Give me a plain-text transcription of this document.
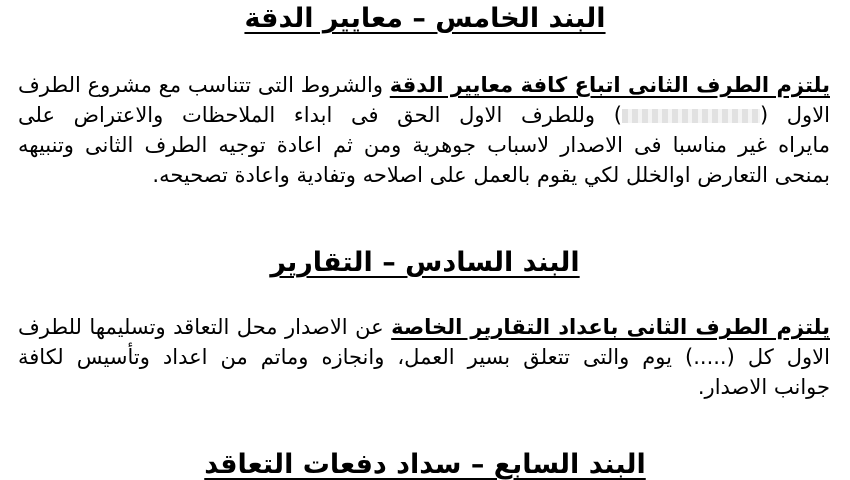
البند الخامس – معايير الدقة
يلتزم الطرف الثانى اتباع كافة معايير الدقة والشروط التى تتناسب مع مشروع الطرف
الاول () وللطرف الاول الحق فى ابداء الملاحظات والاعتراض على
مايراه غير مناسبا فى الاصدار لاسباب جوهرية ومن ثم اعادة توجيه الطرف الثانى وتنبيهه
بمنحى التعارض اوالخلل لكي يقوم بالعمل على اصلاحه وتفادية واعادة تصحيحه.
البند السادس – التقارير
يلتزم الطرف الثانى باعداد التقارير الخاصة عن الاصدار محل التعاقد وتسليمها للطرف
الاول كل (.....) يوم والتى تتعلق بسير العمل، وانجازه وماتم من اعداد وتأسيس لكافة
جوانب الاصدار.
البند السابع – سداد دفعات التعاقد
